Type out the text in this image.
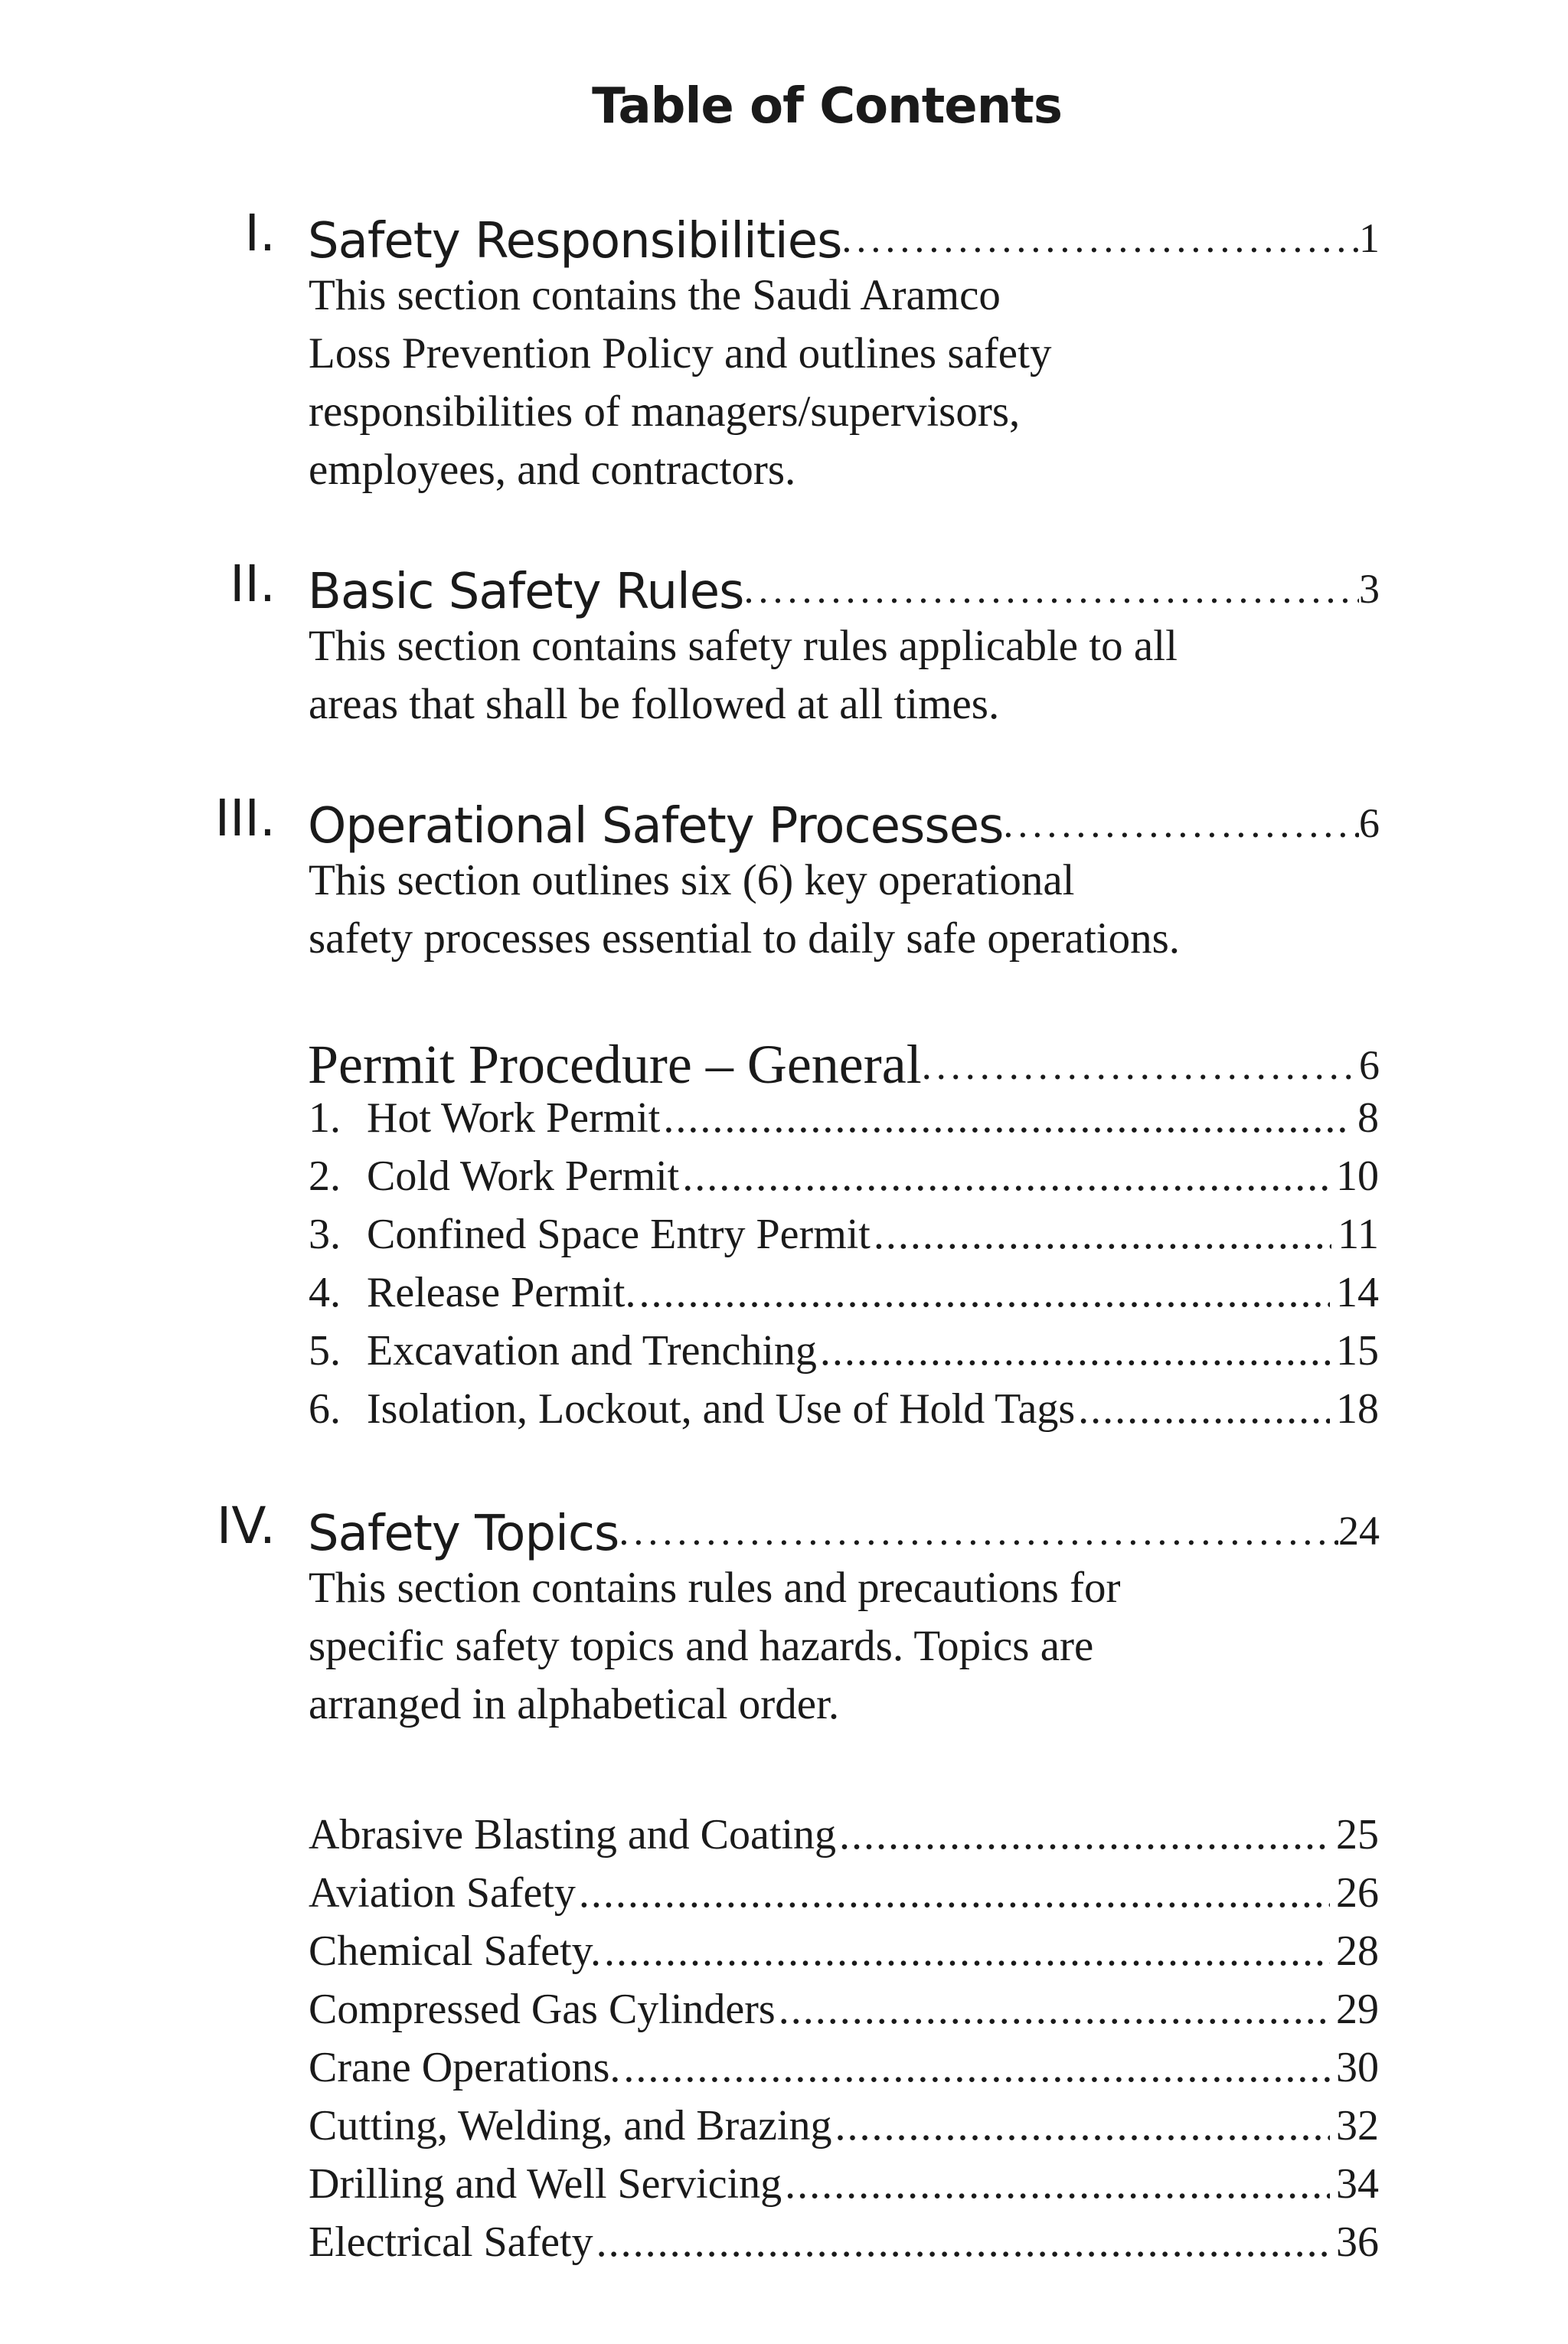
Table of Contents
I. Safety Responsibilities .....	1
This section contains the Saudi Aramco
Loss Prevention Policy and outlines safety
responsibilities of managers/supervisors,
employees, and contractors.
II. Basic Safety Rules .....	3
This section contains safety rules applicable to all
areas that shall be followed at all times.
III. Operational Safety Processes .....	6
This section outlines six (6) key operational
safety processes essential to daily safe operations.
Permit Procedure – General .....	6
1. Hot Work Permit .....	8
2. Cold Work Permit .....	10
3. Confined Space Entry Permit .....	11
4. Release Permit. .....	14
5. Excavation and Trenching .....	15
6. Isolation, Lockout, and Use of Hold Tags .....	18
IV. Safety Topics .....	24
This section contains rules and precautions for
specific safety topics and hazards. Topics are
arranged in alphabetical order.
Abrasive Blasting and Coating .....	25
Aviation Safety .....	26
Chemical Safety. .....	28
Compressed Gas Cylinders .....	29
Crane Operations. .....	30
Cutting, Welding, and Brazing .....	32
Drilling and Well Servicing .....	34
Electrical Safety .....	36
